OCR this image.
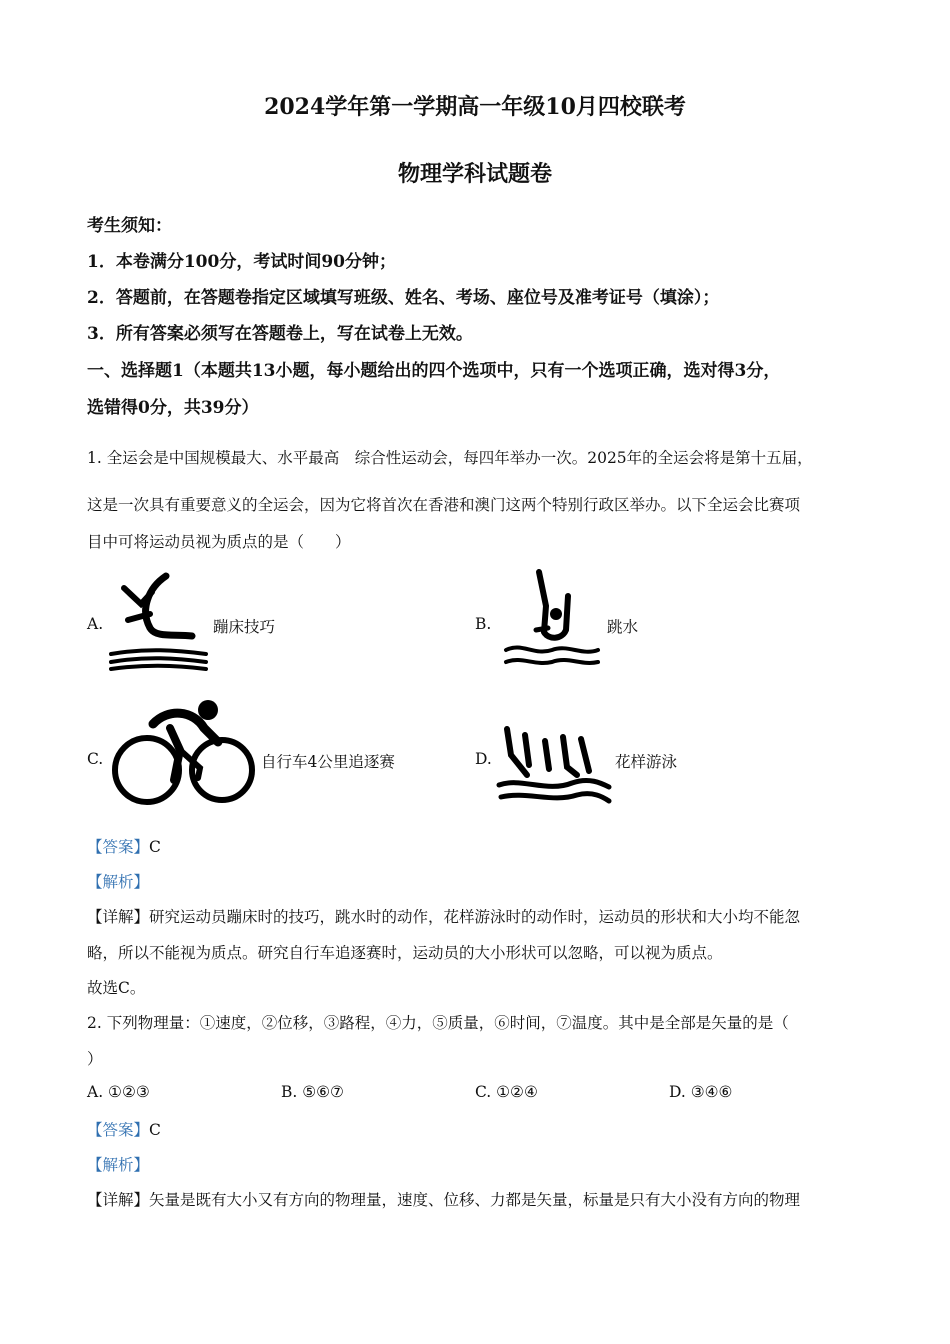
2024学年第一学期高一年级10月四校联考
物理学科试题卷
考生须知：
1．本卷满分100分，考试时间90分钟；
2．答题前，在答题卷指定区域填写班级、姓名、考场、座位号及准考证号（填涂）；
3．所有答案必须写在答题卷上，写在试卷上无效。
一、选择题1（本题共13小题，每小题给出的四个选项中，只有一个选项正确，选对得3分，
选错得0分，共39分）
1. 全运会是中国规模最大、水平最高　综合性运动会，每四年举办一次。2025年的全运会将是第十五届，
这是一次具有重要意义的全运会，因为它将首次在香港和澳门这两个特别行政区举办。以下全运会比赛项
目中可将运动员视为质点的是（　　）
A.	蹦床技巧	B.	跳水
C.	自行车4公里追逐赛	D.	花样游泳
【答案】C
【解析】
【详解】研究运动员蹦床时的技巧，跳水时的动作，花样游泳时的动作时，运动员的形状和大小均不能忽
略，所以不能视为质点。研究自行车追逐赛时，运动员的大小形状可以忽略，可以视为质点。
故选C。
2. 下列物理量：①速度，②位移，③路程，④力，⑤质量，⑥时间，⑦温度。其中是全部是矢量的是（
）
A. ①②③	B. ⑤⑥⑦	C. ①②④	D. ③④⑥
【答案】C
【解析】
【详解】矢量是既有大小又有方向的物理量，速度、位移、力都是矢量，标量是只有大小没有方向的物理
